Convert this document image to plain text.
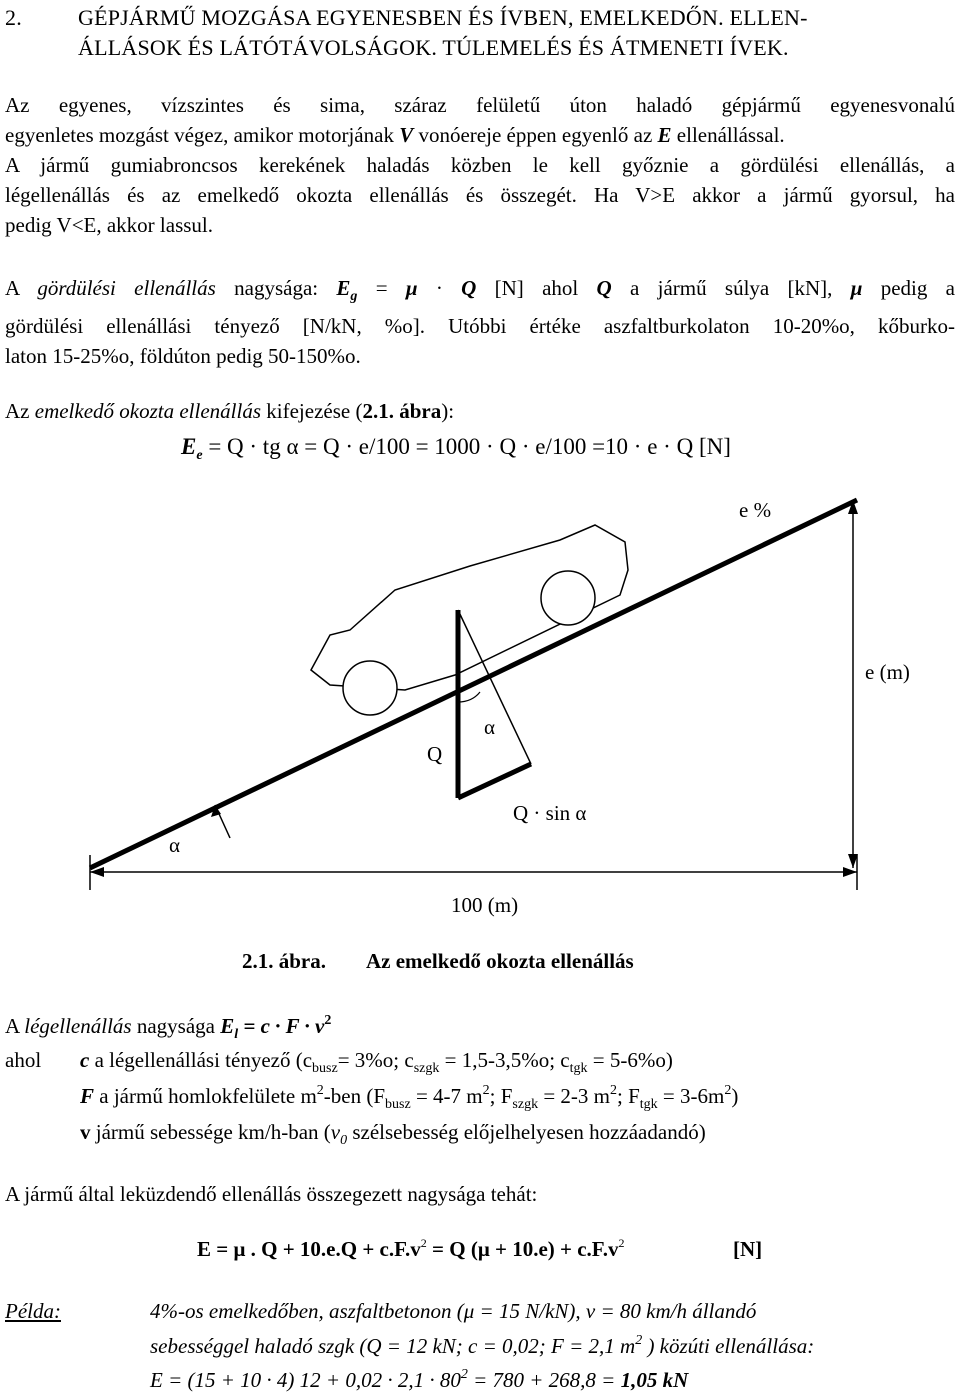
2.	GÉPJÁRMŰ MOZGÁSA EGYENESBEN ÉS ÍVBEN, EMELKEDŐN. ELLEN-
ÁLLÁSOK ÉS LÁTÓTÁVOLSÁGOK. TÚLEMELÉS ÉS ÁTMENETI ÍVEK.
Az egyenes, vízszintes és sima, száraz felületű úton haladó gépjármű egyenesvonalú
egyenletes mozgást végez, amikor motorjának V vonóereje éppen egyenlő az E ellenállással.
A jármű gumiabroncsos kerekének haladás közben le kell győznie a gördülési ellenállás, a
légellenállás és az emelkedő okozta ellenállás és összegét. Ha V>E akkor a jármű gyorsul, ha
pedig V<E, akkor lassul.
A gördülési ellenállás nagysága: $E_g = \mu \cdot Q$ [N] ahol Q a jármű súlya [kN], μ pedig a
gördülési ellenállási tényező [N/kN, %o]. Utóbbi értéke aszfaltburkolaton 10-20%o, kőburko-
laton 15-25%o, földúton pedig 50-150%o.
Az emelkedő okozta ellenállás kifejezése (2.1. ábra):
$E_e = Q$ · tg α = Q · e/100 = 1000 · Q · e/100 =10 · e · Q [N]
e %
e (m)
α
Q
Q · sin α
α
100 (m)
2.1. ábra. Az emelkedő okozta ellenállás
A légellenállás nagysága $E_l = c \cdot F \cdot v^2$
ahol c a légellenállási tényező ($c_{busz}= 3\%o$; $c_{szgk} = 1,5-3,5\%o$; $c_{tgk} = 5-6\%o$)
F a jármű homlokfelülete $m^2$-ben ($F_{busz} = 4-7$ $m^2$; $F_{szgk} = 2-3$ $m^2$; $F_{tgk} = 3-6m^2$)
v jármű sebessége km/h-ban ($v_0$ szélsebesség előjelhelyesen hozzáadandó)
A jármű által leküzdendő ellenállás összegezett nagysága tehát:
E = μ . $Q + 10.e.Q + c.F.v^2 = Q$ $(\mu + 10.e) + c.F.v^2$	[N]
Példa:	4%-os emelkedőben, aszfaltbetonon (μ = 15 N/kN), v = 80 km/h állandó
sebességgel haladó szgk (Q = 12 kN; c = 0,02; F = 2,1 $m^2$ ) közúti ellenállása:
E = (15 + 10 · 4) $12 + 0,02 \cdot 2,1 \cdot 80^2 = 780 + 268,8 = 1,05$ kN
